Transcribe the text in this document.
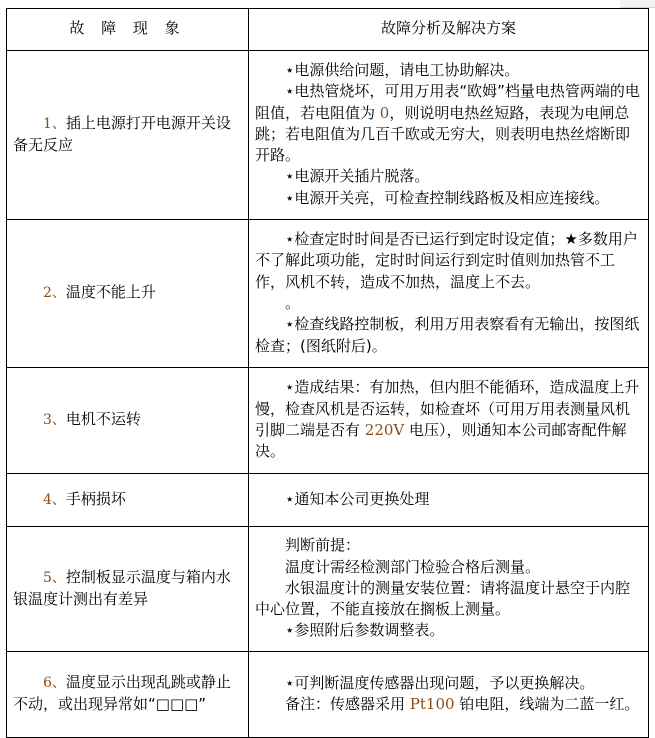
故 障 现 象	故障分析及解决方案
1、插上电源打开电源开关设备无反应	⋆电源供给问题，请电工协助解决。

⋆电热管烧坏，可用万用表“欧姆”档量电热管两端的电阻值，若电阻值为 0，则说明电热丝短路，表现为电闸总跳；若电阻值为几百千欧或无穷大，则表明电热丝熔断即开路。

⋆电源开关插片脱落。

⋆电源开关亮，可检查控制线路板及相应连接线。

2、温度不能上升	⋆检查定时时间是否已运行到定时设定值；★多数用户不了解此项功能，定时时间运行到定时值则加热管不工作，风机不转，造成不加热，温度上不去。

。

⋆检查线路控制板，利用万用表察看有无输出，按图纸检查；(图纸附后)。

3、电机不运转	⋆造成结果：有加热，但内胆不能循环，造成温度上升慢，检查风机是否运转，如检查坏（可用万用表测量风机引脚二端是否有 220V 电压），则通知本公司邮寄配件解决。

4、手柄损坏	⋆通知本公司更换处理

5、控制板显示温度与箱内水银温度计测出有差异	判断前提：

温度计需经检测部门检验合格后测量。

水银温度计的测量安装位置：请将温度计悬空于内腔中心位置，不能直接放在搁板上测量。

⋆参照附后参数调整表。

6、温度显示出现乱跳或静止不动，或出现异常如“□□□”	⋆可判断温度传感器出现问题，予以更换解决。

备注：传感器采用 Pt100 铂电阻，线端为二蓝一红。
